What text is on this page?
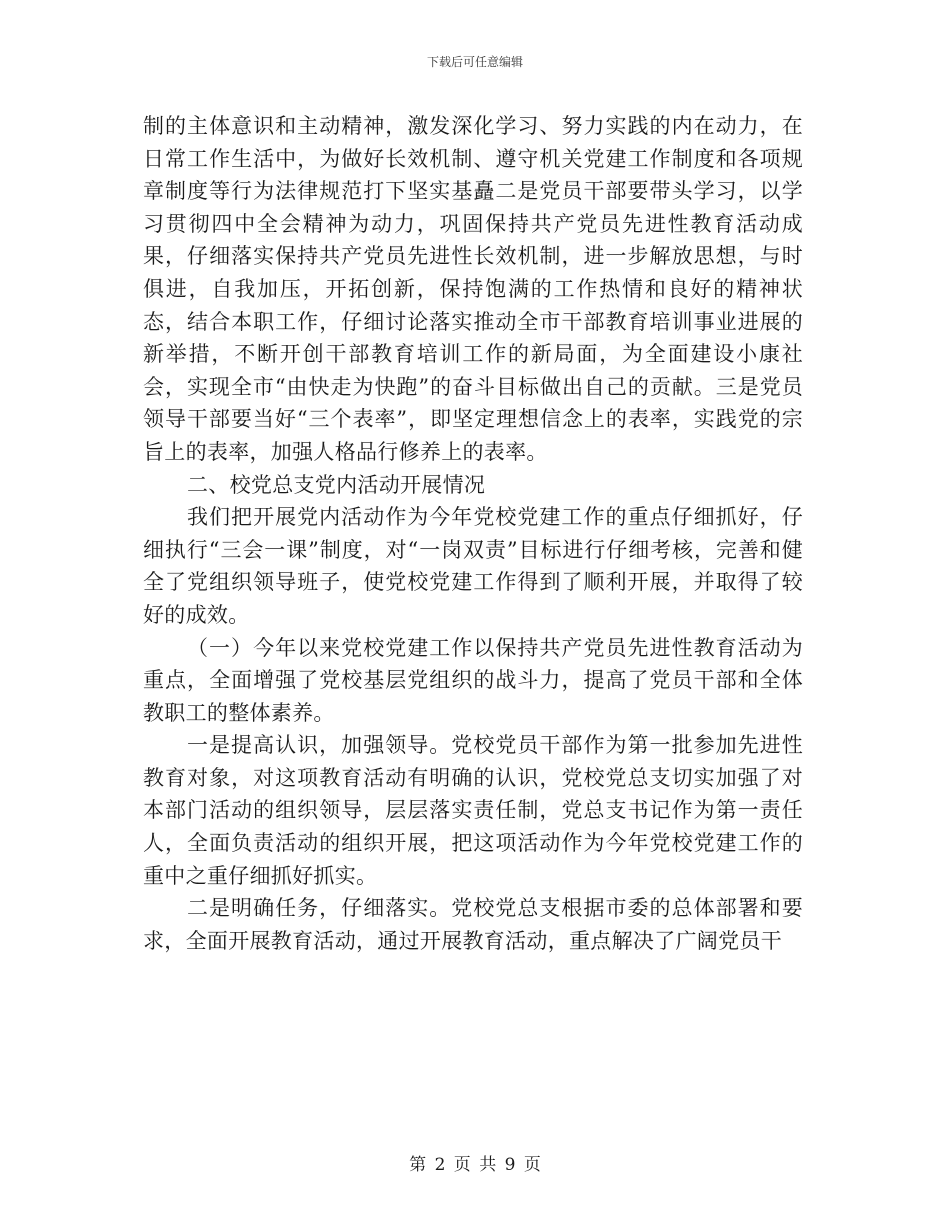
下载后可任意编辑

制的主体意识和主动精神，激发深化学习、努力实践的内在动力，在日常工作生活中，为做好长效机制、遵守机关党建工作制度和各项规章制度等行为法律规范打下坚实基矗二是党员干部要带头学习，以学习贯彻四中全会精神为动力，巩固保持共产党员先进性教育活动成果，仔细落实保持共产党员先进性长效机制，进一步解放思想，与时俱进，自我加压，开拓创新，保持饱满的工作热情和良好的精神状态，结合本职工作，仔细讨论落实推动全市干部教育培训事业进展的新举措，不断开创干部教育培训工作的新局面，为全面建设小康社会，实现全市“由快走为快跑”的奋斗目标做出自己的贡献。三是党员领导干部要当好“三个表率”，即坚定理想信念上的表率，实践党的宗旨上的表率，加强人格品行修养上的表率。

二、校党总支党内活动开展情况

我们把开展党内活动作为今年党校党建工作的重点仔细抓好，仔细执行“三会一课”制度，对“一岗双责”目标进行仔细考核，完善和健全了党组织领导班子，使党校党建工作得到了顺利开展，并取得了较好的成效。

（一）今年以来党校党建工作以保持共产党员先进性教育活动为重点，全面增强了党校基层党组织的战斗力，提高了党员干部和全体教职工的整体素养。

一是提高认识，加强领导。党校党员干部作为第一批参加先进性教育对象，对这项教育活动有明确的认识，党校党总支切实加强了对本部门活动的组织领导，层层落实责任制，党总支书记作为第一责任人，全面负责活动的组织开展，把这项活动作为今年党校党建工作的重中之重仔细抓好抓实。

二是明确任务，仔细落实。党校党总支根据市委的总体部署和要求，全面开展教育活动，通过开展教育活动，重点解决了广阔党员干

第 2 页 共 9 页
